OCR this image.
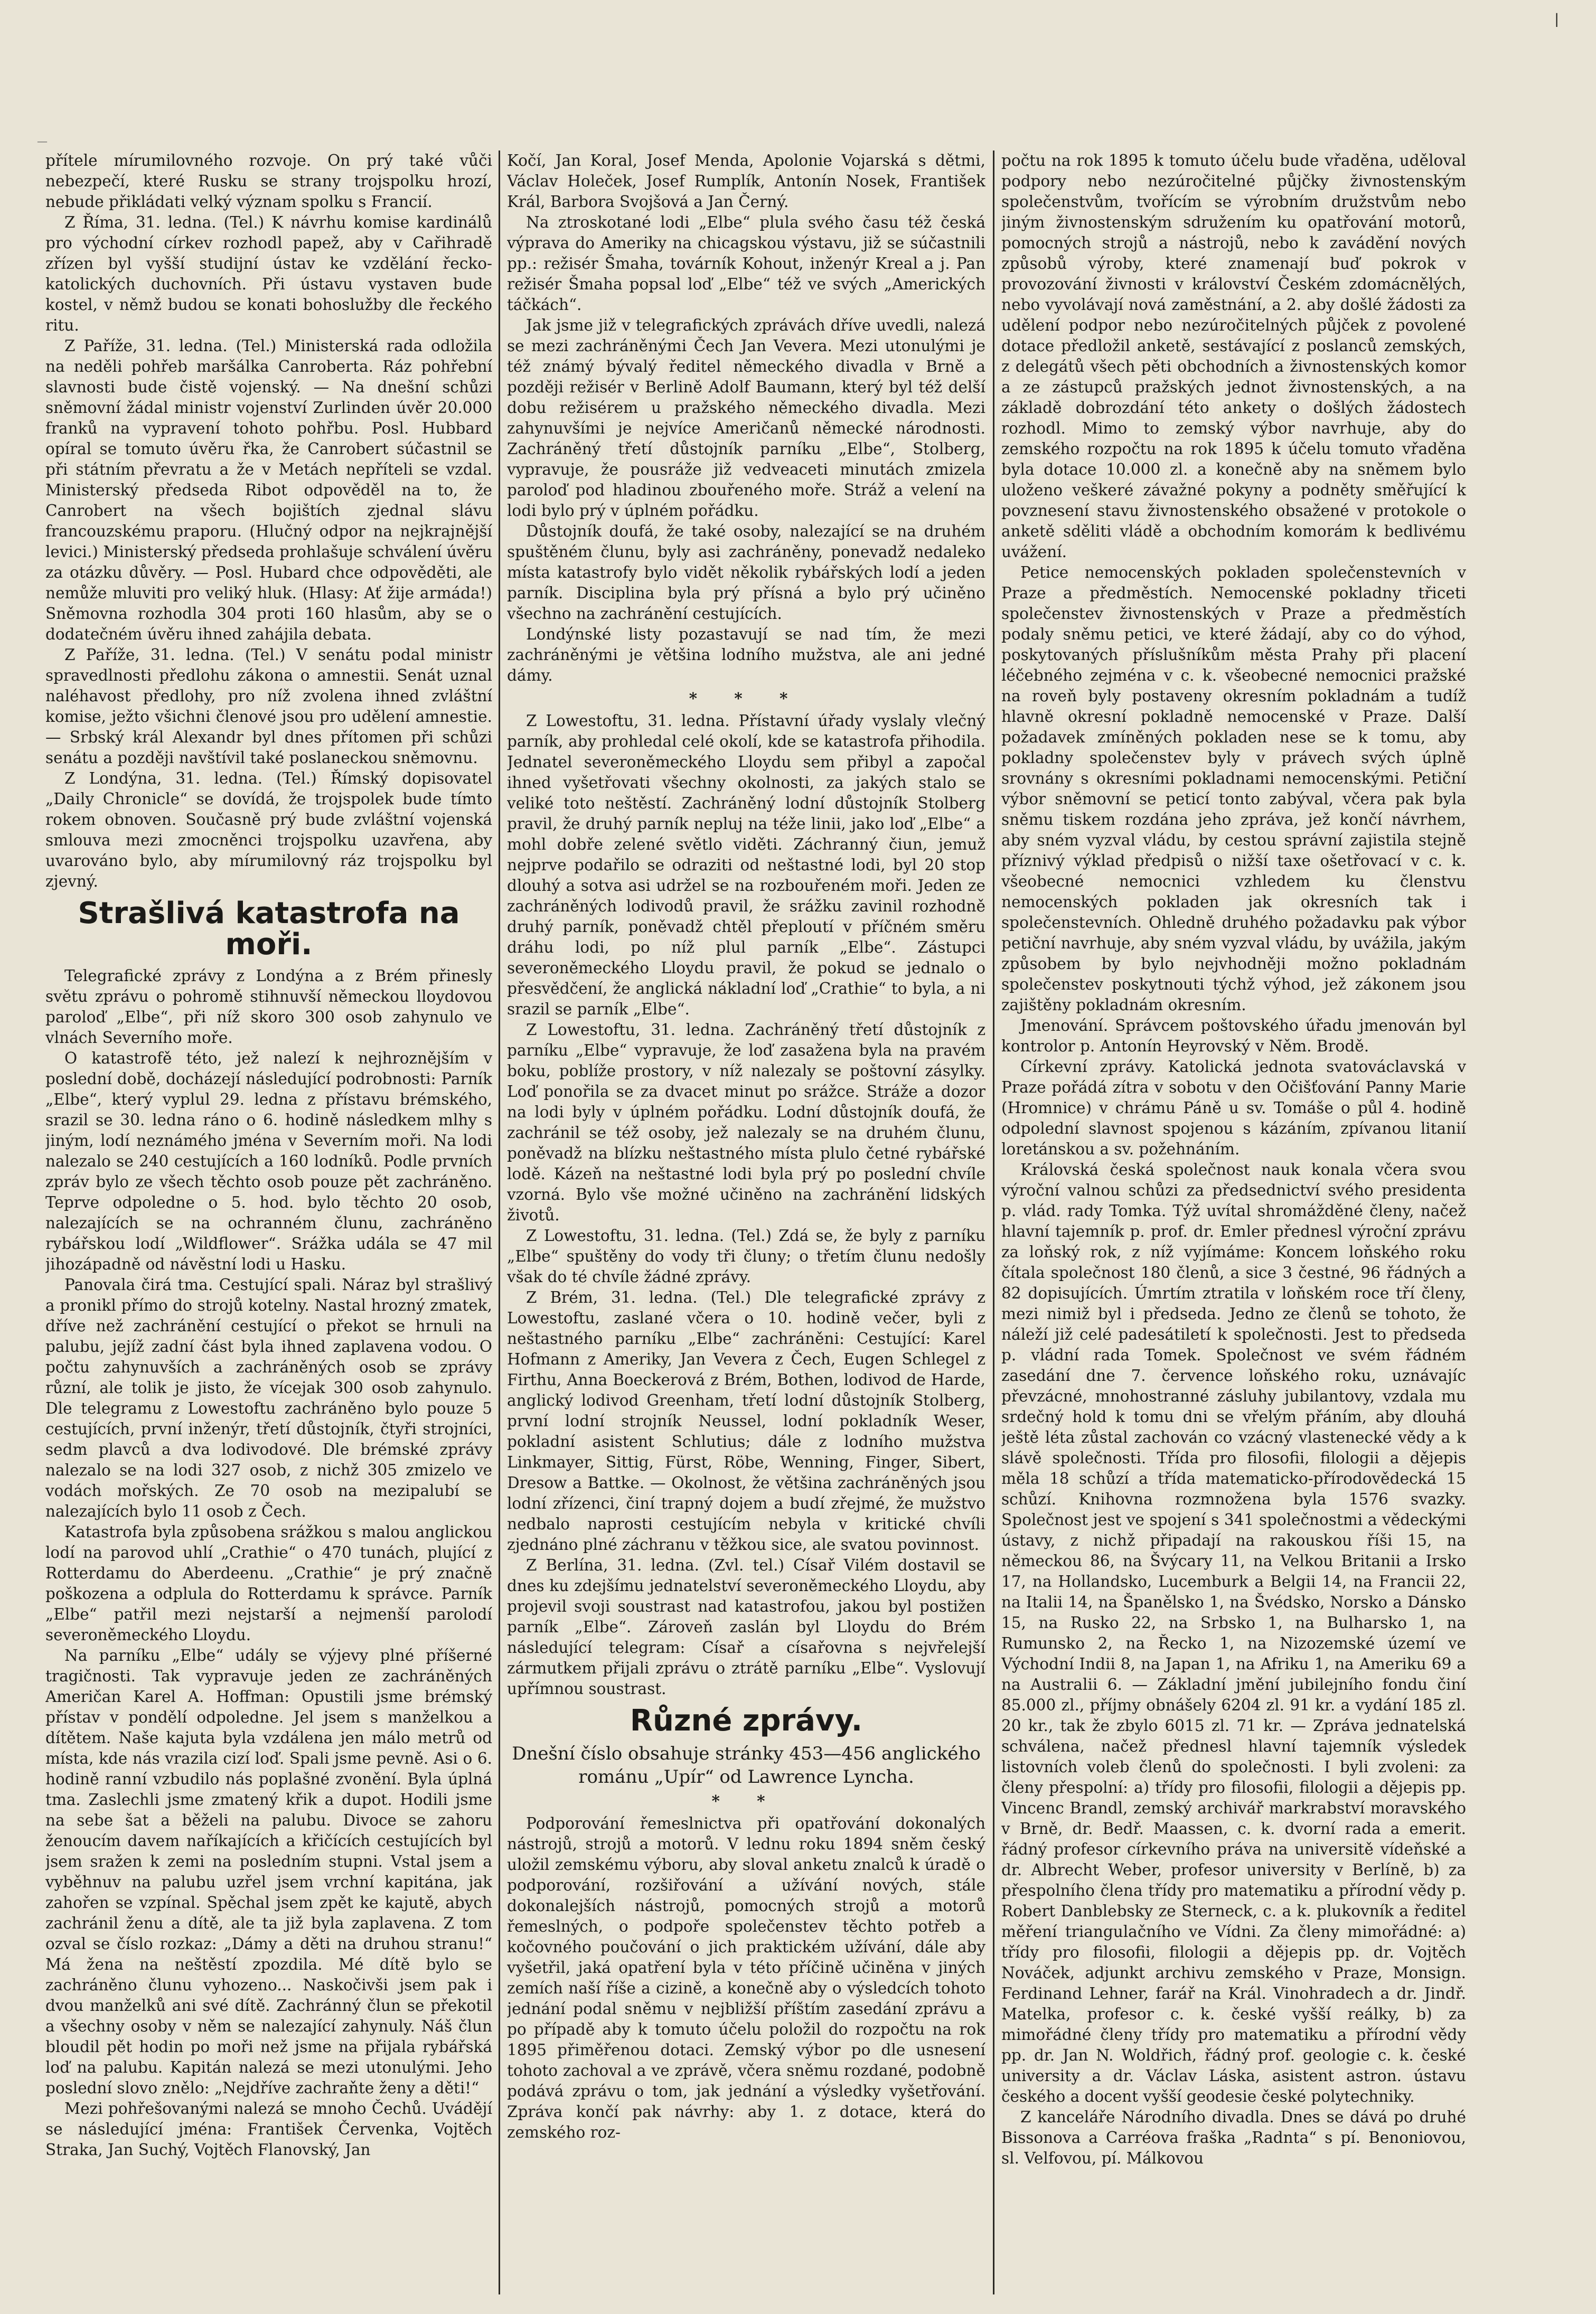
|
—

přítele mírumilovného rozvoje. On prý také vůči nebezpečí, které Rusku se strany trojspolku hrozí, nebude přikládati velký význam spolku s Francií.

Z Říma, 31. ledna. (Tel.) K návrhu komise kardinálů pro východní církev rozhodl papež, aby v Cařihradě zřízen byl vyšší studijní ústav ke vzdělání řecko-katolických duchovních. Při ústavu vystaven bude kostel, v němž budou se konati bohoslužby dle řeckého ritu.

Z Paříže, 31. ledna. (Tel.) Ministerská rada odložila na neděli pohřeb maršálka Canroberta. Ráz pohřební slavnosti bude čistě vojenský. — Na dnešní schůzi sněmovní žádal ministr vojenství Zurlinden úvěr 20.000 franků na vypravení tohoto pohřbu. Posl. Hubbard opíral se tomuto úvěru řka, že Canrobert súčastnil se při státním převratu a že v Metách nepříteli se vzdal. Ministerský předseda Ribot odpověděl na to, že Canrobert na všech bojištích zjednal slávu francouzskému praporu. (Hlučný odpor na nejkrajnější levici.) Ministerský předseda prohlašuje schválení úvěru za otázku důvěry. — Posl. Hubard chce odpověděti, ale nemůže mluviti pro veliký hluk. (Hlasy: Ať žije armáda!) Sněmovna rozhodla 304 proti 160 hlasům, aby se o dodatečném úvěru ihned zahájila debata.

Z Paříže, 31. ledna. (Tel.) V senátu podal ministr spravedlnosti předlohu zákona o amnestii. Senát uznal naléhavost předlohy, pro níž zvolena ihned zvláštní komise, ježto všichni členové jsou pro udělení amnestie. — Srbský král Alexandr byl dnes přítomen při schůzi senátu a později navštívil také poslaneckou sněmovnu.

Z Londýna, 31. ledna. (Tel.) Římský dopisovatel „Daily Chronicle“ se dovídá, že trojspolek bude tímto rokem obnoven. Současně prý bude zvláštní vojenská smlouva mezi zmocněnci trojspolku uzavřena, aby uvarováno bylo, aby mírumilovný ráz trojspolku byl zjevný.

Strašlivá katastrofa na moři.

Telegrafické zprávy z Londýna a z Brém přinesly světu zprávu o pohromě stihnuvší německou lloydovou paroloď „Elbe“, při níž skoro 300 osob zahynulo ve vlnách Severního moře.

O katastrofě této, jež nalezí k nejhroznějším v poslední době, docházejí následující podrobnosti: Parník „Elbe“, který vyplul 29. ledna z přístavu brémského, srazil se 30. ledna ráno o 6. hodině následkem mlhy s jiným, lodí neznámého jména v Severním moři. Na lodi nalezalo se 240 cestujících a 160 lodníků. Podle prvních zpráv bylo ze všech těchto osob pouze pět zachráněno. Teprve odpoledne o 5. hod. bylo těchto 20 osob, nalezajících se na ochranném člunu, zachráněno rybářskou lodí „Wildflower“. Srážka udála se 47 mil jihozápadně od návěstní lodi u Hasku.

Panovala čirá tma. Cestující spali. Náraz byl strašlivý a pronikl přímo do strojů kotelny. Nastal hrozný zmatek, dříve než zachránění cestující o překot se hrnuli na palubu, jejíž zadní část byla ihned zaplavena vodou. O počtu zahynuvších a zachráněných osob se zprávy různí, ale tolik je jisto, že vícejak 300 osob zahynulo. Dle telegramu z Lowestoftu zachráněno bylo pouze 5 cestujících, první inženýr, třetí důstojník, čtyři strojníci, sedm plavců a dva lodivodové. Dle brémské zprávy nalezalo se na lodi 327 osob, z nichž 305 zmizelo ve vodách mořských. Ze 70 osob na mezipalubí se nalezajících bylo 11 osob z Čech.

Katastrofa byla způsobena srážkou s malou anglickou lodí na parovod uhlí „Crathie“ o 470 tunách, plující z Rotterdamu do Aberdeenu. „Crathie“ je prý značně poškozena a odplula do Rotterdamu k správce. Parník „Elbe“ patřil mezi nejstarší a nejmenší parolodí severoněmeckého Lloydu.

Na parníku „Elbe“ udály se výjevy plné příšerné tragičnosti. Tak vypravuje jeden ze zachráněných Američan Karel A. Hoffman: Opustili jsme brémský přístav v pondělí odpoledne. Jel jsem s manželkou a dítětem. Naše kajuta byla vzdálena jen málo metrů od místa, kde nás vrazila cizí loď. Spali jsme pevně. Asi o 6. hodině ranní vzbudilo nás poplašné zvonění. Byla úplná tma. Zaslechli jsme zmatený křik a dupot. Hodili jsme na sebe šat a běželi na palubu. Divoce se zahoru ženoucím davem naříkajících a křičících cestujících byl jsem sražen k zemi na posledním stupni. Vstal jsem a vyběhnuv na palubu uzřel jsem vrchní kapitána, jak zahořen se vzpínal. Spěchal jsem zpět ke kajutě, abych zachránil ženu a dítě, ale ta již byla zaplavena. Z tom ozval se číslo rozkaz: „Dámy a děti na druhou stranu!“ Má žena na neštěstí zpozdila. Mé dítě bylo se zachráněno člunu vyhozeno... Naskočivši jsem pak i dvou manželků ani své dítě. Zachránný člun se překotil a všechny osoby v něm se nalezající zahynuly. Náš člun bloudil pět hodin po moři než jsme na přijala rybářská loď na palubu. Kapitán nalezá se mezi utonulými. Jeho poslední slovo znělo: „Nejdříve zachraňte ženy a děti!“

Mezi pohřešovanými nalezá se mnoho Čechů. Uvádějí se následující jména: František Červenka, Vojtěch Straka, Jan Suchý, Vojtěch Flanovský, Jan

Kočí, Jan Koral, Josef Menda, Apolonie Vojarská s dětmi, Václav Holeček, Josef Rumplík, Antonín Nosek, František Král, Barbora Svojšová a Jan Černý.

Na ztroskotané lodi „Elbe“ plula svého času též česká výprava do Ameriky na chicagskou výstavu, již se súčastnili pp.: režisér Šmaha, továrník Kohout, inženýr Kreal a j. Pan režisér Šmaha popsal loď „Elbe“ též ve svých „Amerických táčkách“.

Jak jsme již v telegrafických zprávách dříve uvedli, nalezá se mezi zachráněnými Čech Jan Vevera. Mezi utonulými je též známý bývalý ředitel německého divadla v Brně a později režisér v Berlině Adolf Baumann, který byl též delší dobu režisérem u pražského německého divadla. Mezi zahynuvšími je nejvíce Američanů německé národnosti. Zachráněný třetí důstojník parníku „Elbe“, Stolberg, vypravuje, že pousráže již vedveaceti minutách zmizela paroloď pod hladinou zbouřeného moře. Stráž a velení na lodi bylo prý v úplném pořádku.

Důstojník doufá, že také osoby, nalezající se na druhém spuštěném člunu, byly asi zachráněny, ponevadž nedaleko místa katastrofy bylo vidět několik rybářských lodí a jeden parník. Disciplina byla prý přísná a bylo prý učiněno všechno na zachránění cestujících.

Londýnské listy pozastavují se nad tím, že mezi zachráněnými je většina lodního mužstva, ale ani jedné dámy.

* * *

Z Lowestoftu, 31. ledna. Přístavní úřady vyslaly vlečný parník, aby prohledal celé okolí, kde se katastrofa přihodila. Jednatel severoněmeckého Lloydu sem přibyl a započal ihned vyšetřovati všechny okolnosti, za jakých stalo se veliké toto neštěstí. Zachráněný lodní důstojník Stolberg pravil, že druhý parník nepluj na téže linii, jako loď „Elbe“ a mohl dobře zelené světlo viděti. Záchranný čiun, jemuž nejprve podařilo se odraziti od neštastné lodi, byl 20 stop dlouhý a sotva asi udržel se na rozbouřeném moři. Jeden ze zachráněných lodivodů pravil, že srážku zavinil rozhodně druhý parník, poněvadž chtěl přeploutí v příčném směru dráhu lodi, po níž plul parník „Elbe“. Zástupci severoněmeckého Lloydu pravil, že pokud se jednalo o přesvědčení, že anglická nákladní loď „Crathie“ to byla, a ni srazil se parník „Elbe“.

Z Lowestoftu, 31. ledna. Zachráněný třetí důstojník z parníku „Elbe“ vypravuje, že loď zasažena byla na pravém boku, poblíže prostory, v níž nalezaly se poštovní zásylky. Loď ponořila se za dvacet minut po srážce. Stráže a dozor na lodi byly v úplném pořádku. Lodní důstojník doufá, že zachránil se též osoby, jež nalezaly se na druhém člunu, poněvadž na blízku neštastného místa plulo četné rybářské lodě. Kázeň na neštastné lodi byla prý po poslední chvíle vzorná. Bylo vše možné učiněno na zachránění lidských životů.

Z Lowestoftu, 31. ledna. (Tel.) Zdá se, že byly z parníku „Elbe“ spuštěny do vody tři čluny; o třetím člunu nedošly však do té chvíle žádné zprávy.

Z Brém, 31. ledna. (Tel.) Dle telegrafické zprávy z Lowestoftu, zaslané včera o 10. hodině večer, byli z neštastného parníku „Elbe“ zachráněni: Cestující: Karel Hofmann z Ameriky, Jan Vevera z Čech, Eugen Schlegel z Firthu, Anna Boeckerová z Brém, Bothen, lodivod de Harde, anglický lodivod Greenham, třetí lodní důstojník Stolberg, první lodní strojník Neussel, lodní pokladník Weser, pokladní asistent Schlutius; dále z lodního mužstva Linkmayer, Sittig, Fürst, Röbe, Wenning, Finger, Sibert, Dresow a Battke. — Okolnost, že většina zachráněných jsou lodní zřízenci, činí trapný dojem a budí zřejmé, že mužstvo nedbalo naprosti cestujícím nebyla v kritické chvíli zjednáno plné záchranu v těžkou sice, ale svatou povinnost.

Z Berlína, 31. ledna. (Zvl. tel.) Císař Vilém dostavil se dnes ku zdejšímu jednatelství severoněmeckého Lloydu, aby projevil svoji soustrast nad katastrofou, jakou byl postižen parník „Elbe“. Zároveň zaslán byl Lloydu do Brém následující telegram: Císař a císařovna s nejvřelejší zármutkem přijali zprávu o ztrátě parníku „Elbe“. Vyslovují upřímnou soustrast.

Různé zprávy.

Dnešní číslo obsahuje stránky 453—456 anglického románu „Upír“ od Lawrence Lyncha.

* *

Podporování řemeslnictva při opatřování dokonalých nástrojů, strojů a motorů. V lednu roku 1894 sněm český uložil zemskému výboru, aby sloval anketu znalců k úradě o podporování, rozšiřování a užívání nových, stále dokonalejších nástrojů, pomocných strojů a motorů řemeslných, o podpoře společenstev těchto potřeb a kočovného poučování o jich praktickém užívání, dále aby vyšetřil, jaká opatření byla v této příčině učiněna v jiných zemích naší říše a cizině, a konečně aby o výsledcích tohoto jednání podal sněmu v nejbližší příštím zasedání zprávu a po případě aby k tomuto účelu položil do rozpočtu na rok 1895 přiměřenou dotaci. Zemský výbor po dle usnesení tohoto zachoval a ve zprávě, včera sněmu rozdané, podobně podává zprávu o tom, jak jednání a výsledky vyšetřování. Zpráva končí pak návrhy: aby 1. z dotace, která do zemského roz-

počtu na rok 1895 k tomuto účelu bude vřaděna, uděloval podpory nebo nezúročitelné půjčky živnostenským společenstvům, tvořícím se výrobním družstvům nebo jiným živnostenským sdružením ku opatřování motorů, pomocných strojů a nástrojů, nebo k zavádění nových způsobů výroby, které znamenají buď pokrok v provozování živnosti v království Českém zdomácnělých, nebo vyvolávají nová zaměstnání, a 2. aby došlé žádosti za udělení podpor nebo nezúročitelných půjček z povolené dotace předložil anketě, sestávající z poslanců zemských, z delegátů všech pěti obchodních a živnostenských komor a ze zástupců pražských jednot živnostenských, a na základě dobrozdání této ankety o došlých žádostech rozhodl. Mimo to zemský výbor navrhuje, aby do zemského rozpočtu na rok 1895 k účelu tomuto vřaděna byla dotace 10.000 zl. a konečně aby na sněmem bylo uloženo veškeré závažné pokyny a podněty směřující k povznesení stavu živnostenského obsažené v protokole o anketě sděliti vládě a obchodním komorám k bedlivému uvážení.

Petice nemocenských pokladen společenstevních v Praze a předměstích. Nemocenské pokladny třiceti společenstev živnostenských v Praze a předměstích podaly sněmu petici, ve které žádají, aby co do výhod, poskytovaných příslušníkům města Prahy při placení léčebného zejména v c. k. všeobecné nemocnici pražské na roveň byly postaveny okresním pokladnám a tudíž hlavně okresní pokladně nemocenské v Praze. Další požadavek zmíněných pokladen nese se k tomu, aby pokladny společenstev byly v právech svých úplně srovnány s okresními pokladnami nemocenskými. Petiční výbor sněmovní se peticí tonto zabýval, včera pak byla sněmu tiskem rozdána jeho zpráva, jež končí návrhem, aby sném vyzval vládu, by cestou správní zajistila stejně příznivý výklad předpisů o nižší taxe ošetřovací v c. k. všeobecné nemocnici vzhledem ku členstvu nemocenských pokladen jak okresních tak i společenstevních. Ohledně druhého požadavku pak výbor petiční navrhuje, aby sném vyzval vládu, by uvážila, jakým způsobem by bylo nejvhodněji možno pokladnám společenstev poskytnouti týchž výhod, jež zákonem jsou zajištěny pokladnám okresním.

Jmenování. Správcem poštovského úřadu jmenován byl kontrolor p. Antonín Heyrovský v Něm. Brodě.

Církevní zprávy. Katolická jednota svatováclavská v Praze pořádá zítra v sobotu v den Očišťování Panny Marie (Hromnice) v chrámu Páně u sv. Tomáše o půl 4. hodině odpolední slavnost spojenou s kázáním, zpívanou litanií loretánskou a sv. požehnáním.

Královská česká společnost nauk konala včera svou výroční valnou schůzi za předsednictví svého presidenta p. vlád. rady Tomka. Týž uvítal shromážděné členy, načež hlavní tajemník p. prof. dr. Emler přednesl výroční zprávu za loňský rok, z níž vyjímáme: Koncem loňského roku čítala společnost 180 členů, a sice 3 čestné, 96 řádných a 82 dopisujících. Úmrtím ztratila v loňském roce tří členy, mezi nimiž byl i předseda. Jedno ze členů se tohoto, že náleží již celé padesátiletí k společnosti. Jest to předseda p. vládní rada Tomek. Společnost ve svém řádném zasedání dne 7. července loňského roku, uznávajíc převzácné, mnohostranné zásluhy jubilantovy, vzdala mu srdečný hold k tomu dni se vřelým přáním, aby dlouhá ještě léta zůstal zachován co vzácný vlastenecké vědy a k slávě společnosti. Třída pro filosofii, filologii a dějepis měla 18 schůzí a třída matematicko-přírodovědecká 15 schůzí. Knihovna rozmnožena byla 1576 svazky. Společnost jest ve spojení s 341 společnostmi a vědeckými ústavy, z nichž připadají na rakouskou říši 15, na německou 86, na Švýcary 11, na Velkou Britanii a Irsko 17, na Hollandsko, Lucemburk a Belgii 14, na Francii 22, na Italii 14, na Španělsko 1, na Švédsko, Norsko a Dánsko 15, na Rusko 22, na Srbsko 1, na Bulharsko 1, na Rumunsko 2, na Řecko 1, na Nizozemské území ve Východní Indii 8, na Japan 1, na Afriku 1, na Ameriku 69 a na Australii 6. — Základní jmění jubilejního fondu činí 85.000 zl., příjmy obnášely 6204 zl. 91 kr. a vydání 185 zl. 20 kr., tak že zbylo 6015 zl. 71 kr. — Zpráva jednatelská schválena, načež přednesl hlavní tajemník výsledek listovních voleb členů do společnosti. I byli zvoleni: za členy přespolní: a) třídy pro filosofii, filologii a dějepis pp. Vincenc Brandl, zemský archivář markrabství moravského v Brně, dr. Bedř. Maassen, c. k. dvorní rada a emerit. řádný profesor církevního práva na universitě vídeňské a dr. Albrecht Weber, profesor university v Berlíně, b) za přespolního člena třídy pro matematiku a přírodní vědy p. Robert Danblebsky ze Sterneck, c. a k. plukovník a ředitel měření triangulačního ve Vídni. Za členy mimořádné: a) třídy pro filosofii, filologii a dějepis pp. dr. Vojtěch Nováček, adjunkt archivu zemského v Praze, Monsign. Ferdinand Lehner, farář na Král. Vinohradech a dr. Jindř. Matelka, profesor c. k. české vyšší reálky, b) za mimořádné členy třídy pro matematiku a přírodní vědy pp. dr. Jan N. Woldřich, řádný prof. geologie c. k. české university a dr. Václav Láska, asistent astron. ústavu českého a docent vyšší geodesie české polytechniky.

Z kanceláře Národního divadla. Dnes se dává po druhé Bissonova a Carréova fraška „Radnta“ s pí. Benoniovou, sl. Velfovou, pí. Málkovou
